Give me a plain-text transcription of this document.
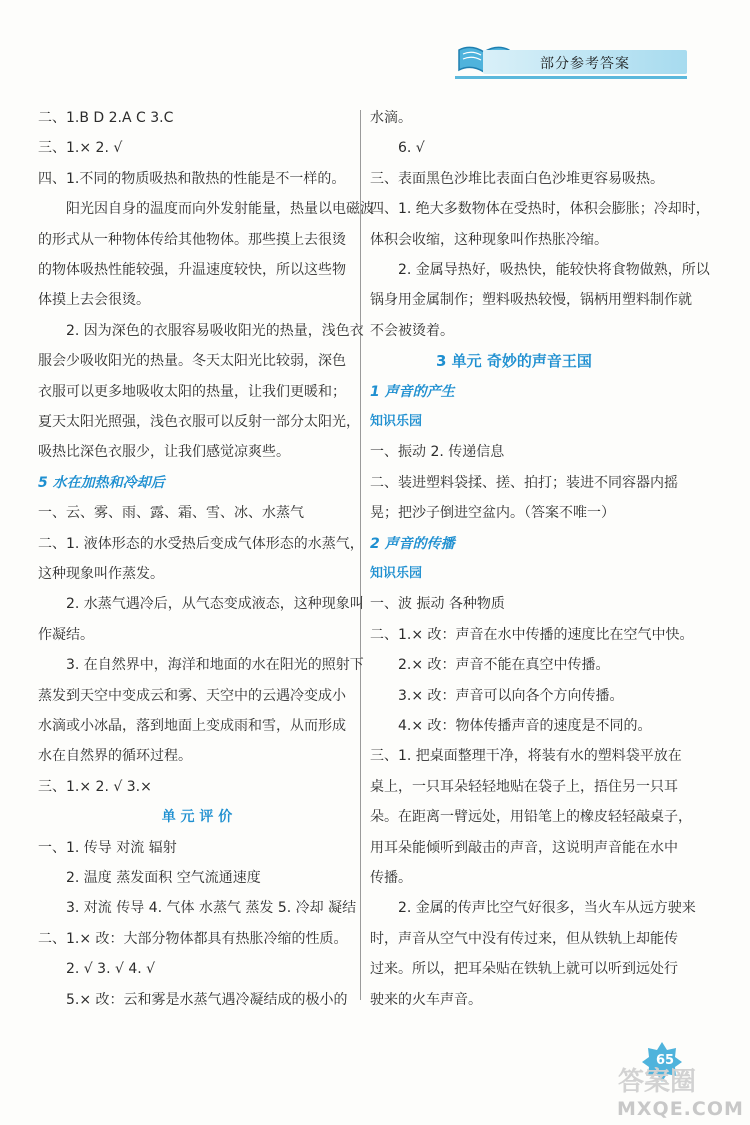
部分参考答案
二、1.B D 2.A C 3.C
三、1.× 2. √
四、1.不同的物质吸热和散热的性能是不一样的。
阳光因自身的温度而向外发射能量，热量以电磁波
的形式从一种物体传给其他物体。那些摸上去很烫
的物体吸热性能较强，升温速度较快，所以这些物
体摸上去会很烫。
2. 因为深色的衣服容易吸收阳光的热量，浅色衣
服会少吸收阳光的热量。冬天太阳光比较弱，深色
衣服可以更多地吸收太阳的热量，让我们更暖和；
夏天太阳光照强，浅色衣服可以反射一部分太阳光，
吸热比深色衣服少，让我们感觉凉爽些。
5 水在加热和冷却后
一、云、雾、雨、露、霜、雪、冰、水蒸气
二、1. 液体形态的水受热后变成气体形态的水蒸气，
这种现象叫作蒸发。
2. 水蒸气遇冷后，从气态变成液态，这种现象叫
作凝结。
3. 在自然界中，海洋和地面的水在阳光的照射下
蒸发到天空中变成云和雾、天空中的云遇冷变成小
水滴或小冰晶，落到地面上变成雨和雪，从而形成
水在自然界的循环过程。
三、1.× 2. √ 3.×
单 元 评 价
一、1. 传导 对流 辐射
2. 温度 蒸发面积 空气流通速度
3. 对流 传导 4. 气体 水蒸气 蒸发 5. 冷却 凝结
二、1.× 改：大部分物体都具有热胀冷缩的性质。
2. √ 3. √ 4. √
5.× 改：云和雾是水蒸气遇冷凝结成的极小的
水滴。
6. √
三、表面黑色沙堆比表面白色沙堆更容易吸热。
四、1. 绝大多数物体在受热时，体积会膨胀；冷却时，
体积会收缩，这种现象叫作热胀冷缩。
2. 金属导热好，吸热快，能较快将食物做熟，所以
锅身用金属制作；塑料吸热较慢，锅柄用塑料制作就
不会被烫着。
3 单元 奇妙的声音王国
1 声音的产生
知识乐园
一、振动 2. 传递信息
二、装进塑料袋揉、搓、拍打；装进不同容器内摇
晃；把沙子倒进空盆内。（答案不唯一）
2 声音的传播
知识乐园
一、波 振动 各种物质
二、1.× 改：声音在水中传播的速度比在空气中快。
2.× 改：声音不能在真空中传播。
3.× 改：声音可以向各个方向传播。
4.× 改：物体传播声音的速度是不同的。
三、1. 把桌面整理干净，将装有水的塑料袋平放在
桌上，一只耳朵轻轻地贴在袋子上，捂住另一只耳
朵。在距离一臂远处，用铅笔上的橡皮轻轻敲桌子，
用耳朵能倾听到敲击的声音，这说明声音能在水中
传播。
2. 金属的传声比空气好很多，当火车从远方驶来
时，声音从空气中没有传过来，但从铁轨上却能传
过来。所以，把耳朵贴在铁轨上就可以听到远处行
驶来的火车声音。
65
答案圈
MXQE.COM
